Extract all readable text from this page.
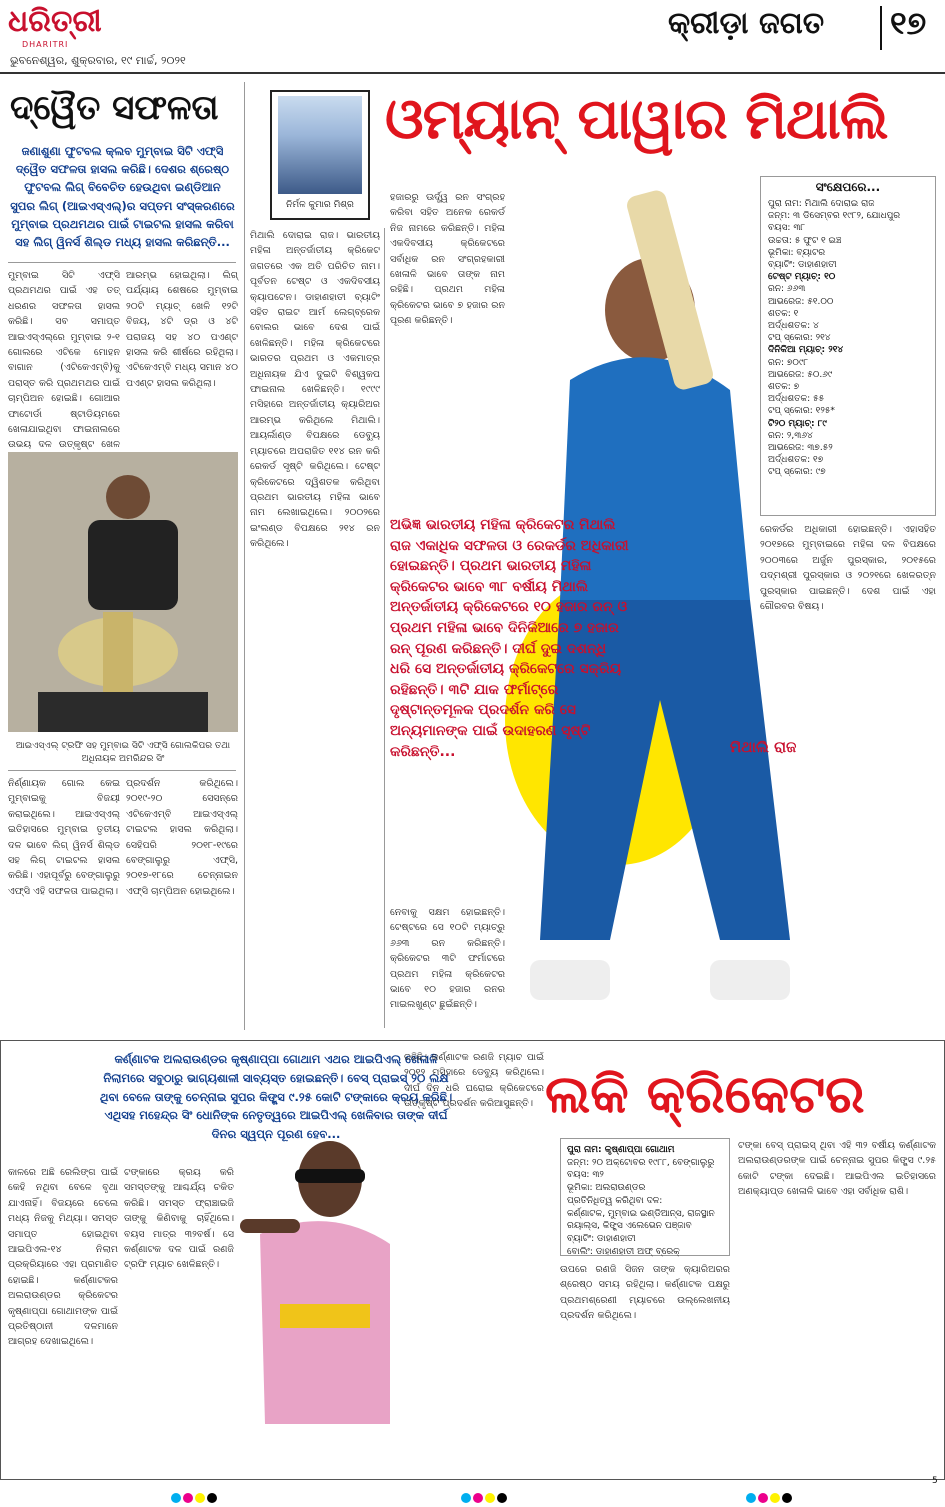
ଧରିତ୍ରୀ
DHARITRI
ଭୁବନେଶ୍ୱର, ଶୁକ୍ରବାର, ୧୯ ମାର୍ଚ୍ଚ, ୨୦୨୧
କ୍ରୀଡ଼ା ଜଗତ ୧୭
ଦ୍ୱୈତ ସଫଳତା
ଜଣାଶୁଣା ଫୁଟବଲ କ୍ଲବ ମୁମ୍ବାଇ ସିଟି ଏଫ୍‌ସି ଦ୍ୱୈତ ସଫଳତା ହାସଲ କରିଛି। ଦେଶର ଶ୍ରେଷ୍ଠ ଫୁଟବଲ ଲିଗ୍ ବିବେଚିତ ହେଉଥିବା ଇଣ୍ଡିଆନ ସୁପର ଲିଗ୍ (ଆଇଏସ୍‌ଏଲ୍)ର ସପ୍ତମ ସଂସ୍କରଣରେ ମୁମ୍ବାଇ ପ୍ରଥମଥର ପାଇଁ ଟାଇଟଲ ହାସଲ କରିବା ସହ ଲିଗ୍ ୱିନର୍ସ ଶିଲ୍ଡ ମଧ୍ୟ ହାସଲ କରିଛନ୍ତି...
ମୁମ୍ବାଇ ସିଟି ଏଫ୍‌ସି ପ୍ରଥମଥର ପାଇଁ ଏହ ତତ୍ ଧରଣର ସଫଳତା ହାସଲ କରିଛି। ସବ ସମାପ୍ତ ଆଇଏସ୍‌ଏଲ୍‌ରେ ମୁମ୍ବାଇ ୨-୧ ଗୋଲରେ ଏଟିକେ ମୋହନ ବାଗାନ (ଏଟିକେଏମ୍‌ବି)କୁ ପରାସ୍ତ କରି ପ୍ରଥମଥର ପାଇଁ ଚାମ୍ପିଅନ ହୋଇଛି। ଗୋଆର ଫାଟୋର୍ଡା ଷ୍ଟାଡିୟମରେ ଖେଳାଯାଇଥିବା ଫାଇନାଲରେ ଉଭୟ ଦଳ ଉତ୍କୃଷ୍ଟ ଖେଳ
ଆରମ୍ଭ ହୋଇଥିଲା। ଲିଗ୍ ପର୍ଯ୍ୟାୟ ଶେଷରେ ମୁମ୍ବାଇ ୨୦ଟି ମ୍ୟାଚ୍ ଖେଳି ୧୨ଟି ବିଜୟ, ୪ଟି ଡ୍ର ଓ ୪ଟି ପରାଜୟ ସହ ୪୦ ପଏଣ୍ଟ ହାସଲ କରି ଶୀର୍ଷରେ ରହିଥିଲା। ଏଟିକେଏମ୍‌ବି ମଧ୍ୟ ସମାନ ୪୦ ପଏଣ୍ଟ ହାସଲ କରିଥିଲା।
ଆଇଏସ୍‌ଏଲ୍ ଟ୍ରଫି ସହ ମୁମ୍ବାଇ ସିଟି ଏଫ୍‌ସି ଗୋଲକିପର ତଥା ଅଧିନାୟକ ଅମରିନ୍ଦର ସିଂ
ନିର୍ଣ୍ଣାୟକ ଗୋଲ କେଇ ମୁମ୍ବାଇକୁ ବିଜୟୀ କରାଇଥିଲେ। ଆଇଏସ୍‌ଏଲ୍ ଇତିହାସରେ ମୁମ୍ବାଇ ତୃତୀୟ ଦଳ ଭାବେ ଲିଗ୍ ୱିନର୍ସ ଶିଲ୍ଡ ସହ ଲିଗ୍ ଟାଇଟଲ ହାସଲ କରିଛି। ଏହାପୂର୍ବରୁ ବେଙ୍ଗାଲୁରୁ ଏଫ୍‌ସି ଏହି ସଫଳତା ପାଇଥିଲା।
ପ୍ରଦର୍ଶନ କରିଥିଲେ। ୨୦୧୯-୨୦ ସେସନ୍‌ରେ ଏଟିକେଏମ୍‌ବି ଆଇଏସ୍‌ଏଲ୍ ଟାଇଟଲ ହାସଲ କରିଥିଲା। ସେହିପରି ୨୦୧୮-୧୯ରେ ବେଙ୍ଗାଲୁରୁ ଏଫ୍‌ସି, ୨୦୧୭-୧୮ରେ ଚେନ୍ନାଇନ ଏଫ୍‌ସି ଚାମ୍ପିଅନ ହୋଇଥିଲେ।
ନିର୍ମଳ କୁମାର ମିଶ୍ର
ଓମ୍ୟାନ୍ ପାୱାର ମିଥାଲି
ମିଥାଲି ଦୋରାଇ ରାଜ। ଭାରତୀୟ ମହିଳା ଅନ୍ତର୍ଜାତୀୟ କ୍ରିକେଟ ଜଗତରେ ଏକ ଅତି ପରିଚିତ ନାମ। ପୂର୍ବତନ ଟେଷ୍ଟ ଓ ଏକଦିବସୀୟ କ୍ୟାପଟେନ। ଡାହାଣହାତୀ ବ୍ୟାଟିଂ ସହିତ ରାଇଟ ଆର୍ମ ଲେଗ୍‌ବ୍ରେକ ବୋଲର ଭାବେ ଦେଶ ପାଇଁ ଖେଳିଛନ୍ତି। ମହିଳା କ୍ରିକେଟରେ ଭାରତର ପ୍ରଥମ ଓ ଏକମାତ୍ର ଅଧିନାୟକ ଯିଏ ଦୁଇଟି ବିଶ୍ୱକପ ଫାଇନାଲ ଖେଳିଛନ୍ତି। ୧୯୯୯ ମସିହାରେ ଅନ୍ତର୍ଜାତୀୟ କ୍ୟାରିଅର ଆରମ୍ଭ କରିଥିଲେ ମିଥାଲି। ଆୟର୍ଲାଣ୍ଡ ବିପକ୍ଷରେ ଡେବ୍ୟୁ ମ୍ୟାଚରେ ଅପରାଜିତ ୧୧୪ ରନ କରି ରେକର୍ଡ ସୃଷ୍ଟି କରିଥିଲେ। ଟେଷ୍ଟ କ୍ରିକେଟରେ ଦ୍ୱିଶତକ କରିଥିବା ପ୍ରଥମ ଭାରତୀୟ ମହିଳା ଭାବେ ନାମ ଲେଖାଇଥିଲେ। ୨୦୦୨ରେ ଇଂଲଣ୍ଡ ବିପକ୍ଷରେ ୨୧୪ ରନ କରିଥିଲେ।
ହଜାରରୁ ଊର୍ଦ୍ଧ୍ୱ ରନ ସଂଗ୍ରହ କରିବା ସହିତ ଅନେକ ରେକର୍ଡ ନିଜ ନାମରେ କରିଛନ୍ତି। ମହିଳା ଏକଦିବସୀୟ କ୍ରିକେଟରେ ସର୍ବାଧିକ ରନ ସଂଗ୍ରହକାରୀ ଖେଳାଳି ଭାବେ ତାଙ୍କ ନାମ ରହିଛି। ପ୍ରଥମ ମହିଳା କ୍ରିକେଟର ଭାବେ ୭ ହଜାର ରନ ପୂରଣ କରିଛନ୍ତି।
ଅଭିଜ୍ଞ ଭାରତୀୟ ମହିଳା କ୍ରିକେଟର ମିଥାଲି ରାଜ ଏକାଧିକ ସଫଳତା ଓ ରେକର୍ଡର ଅଧିକାରୀ ହୋଇଛନ୍ତି। ପ୍ରଥମ ଭାରତୀୟ ମହିଳା କ୍ରିକେଟର ଭାବେ ୩୮ ବର୍ଷୀୟ ମିଥାଲି ଅନ୍ତର୍ଜାତୀୟ କ୍ରିକେଟରେ ୧୦ ହଜାର ରନ୍ ଓ ପ୍ରଥମ ମହିଳା ଭାବେ ଦିନିକିଆରେ ୭ ହଜାର ରନ୍ ପୂରଣ କରିଛନ୍ତି। ଦୀର୍ଘ ଦୁଇ ଦଶନ୍ଧି ଧରି ସେ ଅନ୍ତର୍ଜାତୀୟ କ୍ରିକେଟରେ ସକ୍ରିୟ ରହିଛନ୍ତି। ୩ଟି ଯାକ ଫର୍ମାଟ୍‌ରେ ଦୃଷ୍ଟାନ୍ତମୂଳକ ପ୍ରଦର୍ଶନ କରି ସେ ଅନ୍ୟମାନଙ୍କ ପାଇଁ ଉଦାହରଣ ସୃଷ୍ଟି କରିଛନ୍ତି...	ମିଥାଲି ରାଜ
ସଂକ୍ଷେପରେ...
ପୁରା ନାମ: ମିଥାଲି ଦୋରାଇ ରାଜ
ଜନ୍ମ: ୩ ଡିସେମ୍ବର ୧୯୮୨, ଯୋଧପୁର
ବୟସ: ୩୮
ଉଚ୍ଚତା: ୫ ଫୁଟ ୧ ଇଞ୍ଚ
ଭୂମିକା: ବ୍ୟାଟର
ବ୍ୟାଟିଂ: ଡାହାଣହାତୀ
ଟେଷ୍ଟ ମ୍ୟାଚ୍: ୧୦
ରନ: ୬୬୩
ଆଭରେଜ: ୫୧.୦୦
ଶତକ: ୧
ଅର୍ଦ୍ଧଶତକ: ୪
ଟପ୍ ସ୍କୋର: ୨୧୪
ଦିନିକିଆ ମ୍ୟାଚ୍: ୨୧୪
ରନ: ୭୦୯୮
ଆଭରେଜ: ୫୦.୬୯
ଶତକ: ୭
ଅର୍ଦ୍ଧଶତକ: ୫୫
ଟପ୍ ସ୍କୋର: ୧୨୫*
ଟି୨୦ ମ୍ୟାଚ୍: ୮୯
ରନ: ୨,୩୬୪
ଆଭରେଜ: ୩୭.୫୨
ଅର୍ଦ୍ଧଶତକ: ୧୭
ଟପ୍ ସ୍କୋର: ୯୭
ରେକର୍ଡର ଅଧିକାରୀ ହୋଇଛନ୍ତି। ଏହାସହିତ ୨୦୧୭ରେ ମୁମ୍ବାଇରେ ମହିଳା ଦଳ ବିପକ୍ଷରେ ୨୦୦୩ରେ ଅର୍ଜୁନ ପୁରସ୍କାର, ୨୦୧୫ରେ ପଦ୍ମଶ୍ରୀ ପୁରସ୍କାର ଓ ୨୦୨୧ରେ ଖେଳରତ୍ନ ପୁରସ୍କାର ପାଇଛନ୍ତି। ଦେଶ ପାଇଁ ଏହା ଗୌରବର ବିଷୟ।
ନେବାକୁ ସକ୍ଷମ ହୋଇଛନ୍ତି। ଟେଷ୍ଟରେ ସେ ୧୦ଟି ମ୍ୟାଚ୍‌ରୁ ୬୬୩ ରନ କରିଛନ୍ତି। କ୍ରିକେଟର ୩ଟି ଫର୍ମାଟରେ ପ୍ରଥମ ମହିଳା କ୍ରିକେଟର ଭାବେ ୧୦ ହଜାର ରନର ମାଇଲଖୁଣ୍ଟ ଛୁଇଁଛନ୍ତି।
କର୍ଣ୍ଣାଟକ ଅଲରାଉଣ୍ଡର କୃଷ୍ଣାପ୍ପା ଗୋଥାମ ଏଥର ଆଇପିଏଲ୍ ଖେଳାଳି ନିଲାମରେ ସବୁଠାରୁ ଭାଗ୍ୟଶାଳୀ ସାବ୍ୟସ୍ତ ହୋଇଛନ୍ତି। ବେସ୍ ପ୍ରାଇସ୍ ୨୦ ଲକ୍ଷ ଥିବା ବେଳେ ତାଙ୍କୁ ଚେନ୍ନାଇ ସୁପର କିଙ୍ଗ୍ସ ୯.୨୫ କୋଟି ଟଙ୍କାରେ କ୍ରୟ କରିଛି। ଏଥିସହ ମହେନ୍ଦ୍ର ସିଂ ଧୋନିଙ୍କ ନେତୃତ୍ୱରେ ଆଇପିଏଲ୍ ଖେଳିବାର ତାଙ୍କ ଦୀର୍ଘ ଦିନର ସ୍ୱପ୍ନ ପୂରଣ ହେବ...
ଲକି କ୍ରିକେଟର
କାଳରେ ଅଛି ରେଲିଙ୍ଗ ପାଇଁ କେହି ନଥିବା ବେଳେ ବୃଥା ଯାଏନାହିଁ। ବିଜୟରେ ଚେଲେ ମଧ୍ୟ ନିଜକୁ ମିଥ୍ୟା। ସମସ୍ତ ସମାପ୍ତ ହୋଇଥିବା ଆଇପିଏଲ-୧୪ ନିଲାମ ପ୍ରକ୍ରିୟାରେ ଏହା ପ୍ରମାଣିତ ହୋଇଛି। କର୍ଣ୍ଣାଟକର ଅଲରାଉଣ୍ଡର କ୍ରିକେଟର କୃଷ୍ଣାପ୍ପା ଗୋଥାମଙ୍କ ପାଇଁ ପ୍ରତିଷ୍ଠାନୀ ଦଳମାନେ ଆଗ୍ରହ ଦେଖାଇଥିଲେ।
ଟଙ୍କାରେ କ୍ରୟ କରି ସମସ୍ତଙ୍କୁ ଆଶ୍ଚର୍ଯ୍ୟ ଚକିତ କରିଛି। ସମସ୍ତ ଫ୍ରାଞ୍ଚାଇଜି ତାଙ୍କୁ କିଣିବାକୁ ଚାହିଁଥିଲେ। ବୟସ ମାତ୍ର ୩୨ବର୍ଷ। ସେ କର୍ଣ୍ଣାଟକ ଦଳ ପାଇଁ ରଣଜି ଟ୍ରଫି ମ୍ୟାଚ ଖେଳିଛନ୍ତି।
ରହିଛି। କର୍ଣ୍ଣାଟକ ରଣଜି ମ୍ୟାଚ ପାଇଁ ୨୦୧୨ ମସିହାରେ ଡେବ୍ୟୁ କରିଥିଲେ। ଦୀର୍ଘ ଦିନ ଧରି ଘରୋଇ କ୍ରିକେଟରେ ଉତ୍କୃଷ୍ଟ ପ୍ରଦର୍ଶନ କରିଆସୁଛନ୍ତି।
ପୁରା ନାମ: କୃଷ୍ଣାପ୍ପା ଗୋଥାମ
ଜନ୍ମ: ୨୦ ଅକ୍ଟୋବର ୧୯୮୮, ବେଙ୍ଗାଲୁରୁ
ବୟସ: ୩୨
ଭୂମିକା: ଅଲରାଉଣ୍ଡର
ପ୍ରତିନିଧିତ୍ୱ କରିଥିବା ଦଳ:
କର୍ଣ୍ଣାଟକ, ମୁମ୍ବାଇ ଇଣ୍ଡିଆନ୍ସ, ରାଜସ୍ଥାନ ରୟାଲ୍ସ, କିଙ୍ଗ୍ସ ଏଲେଭେନ ପଞ୍ଜାବ
ବ୍ୟାଟିଂ: ଡାହାଣହାତୀ
ବୋଲିଂ: ଡାହାଣହାତୀ ଅଫ୍ ବ୍ରେକ୍
ଉପରେ ରଣଜି ସିଜନ ତାଙ୍କ କ୍ୟାରିଅରର ଶ୍ରେଷ୍ଠ ସମୟ ରହିଥିଲା। କର୍ଣ୍ଣାଟକ ପକ୍ଷରୁ ପ୍ରଥମଶ୍ରେଣୀ ମ୍ୟାଚରେ ଉଲ୍ଲେଖନୀୟ ପ୍ରଦର୍ଶନ କରିଥିଲେ।
ଟଙ୍କା ବେସ୍ ପ୍ରାଇସ୍ ଥିବା ଏହି ୩୨ ବର୍ଷୀୟ କର୍ଣ୍ଣାଟକ ଅଲରାଉଣ୍ଡରଙ୍କ ପାଇଁ ଚେନ୍ନାଇ ସୁପର କିଙ୍ଗ୍ସ ୯.୨୫ କୋଟି ଟଙ୍କା ଦେଇଛି। ଆଇପିଏଲ ଇତିହାସରେ ଅଣକ୍ୟାପ୍‌ଡ ଖେଳାଳି ଭାବେ ଏହା ସର୍ବାଧିକ ରାଶି।
5
